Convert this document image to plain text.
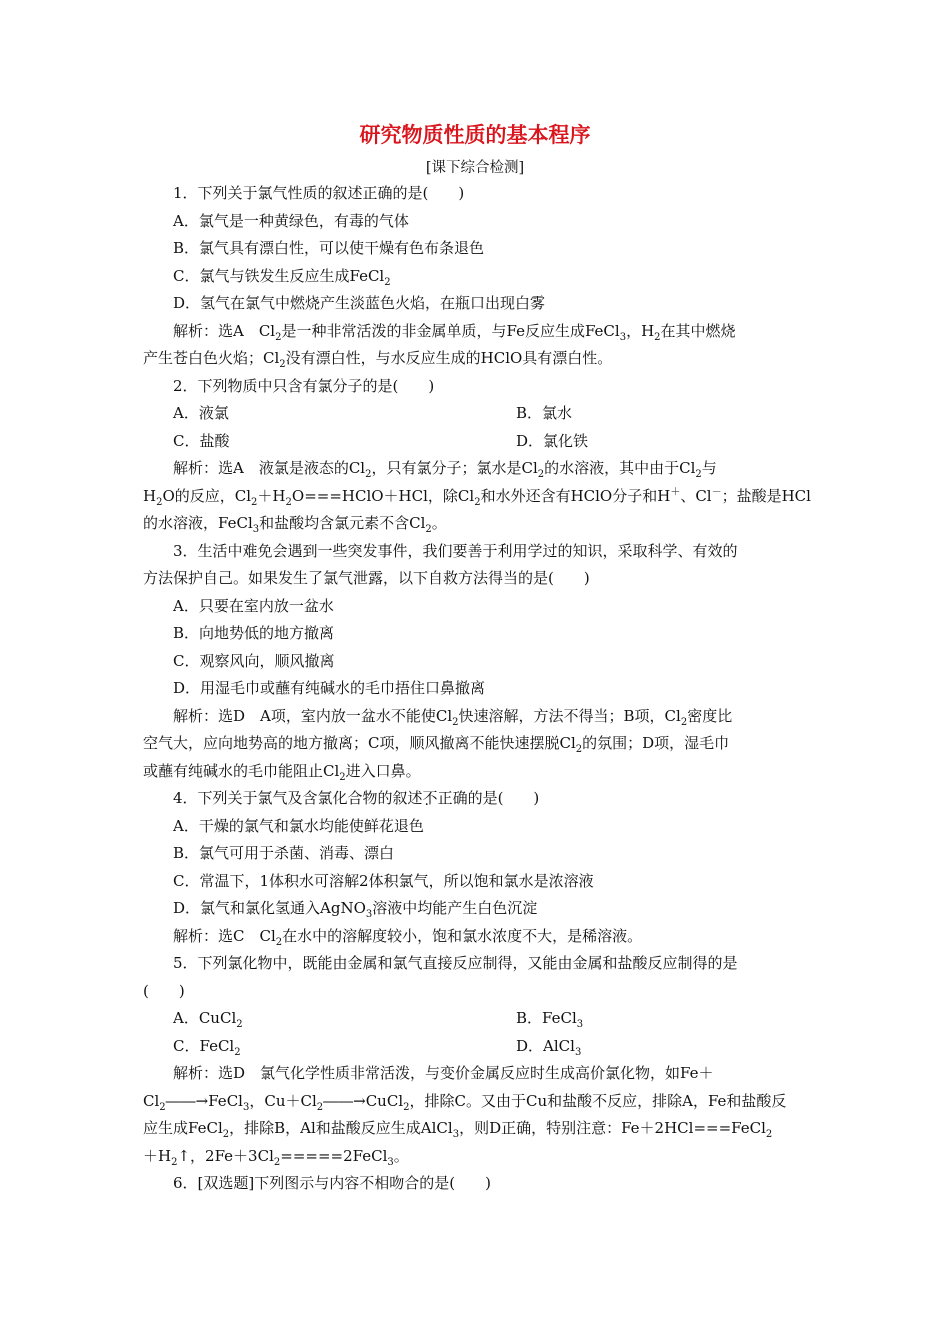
研究物质性质的基本程序
[课下综合检测]
1．下列关于氯气性质的叙述正确的是(　　)
A．氯气是一种黄绿色，有毒的气体
B．氯气具有漂白性，可以使干燥有色布条退色
C．氯气与铁发生反应生成FeCl$_2$
D．氢气在氯气中燃烧产生淡蓝色火焰，在瓶口出现白雾
解析：选A　$Cl_2$是一种非常活泼的非金属单质，与Fe反应生成FeCl$_3$，$H_2$在其中燃烧
产生苍白色火焰；$Cl_2$没有漂白性，与水反应生成的HClO具有漂白性。
2．下列物质中只含有氯分子的是(　　)
A．液氯	B．氯水
C．盐酸	D．氯化铁
解析：选A　液氯是液态的$Cl_2$，只有氯分子；氯水是$Cl_2$的水溶液，其中由于$Cl_2$与
$H_2O$的反应，$Cl_2+H_2O===HClO+HCl$，除$Cl_2$和水外还含有HClO分子和H＋、Cl－；盐酸是HCl
的水溶液，FeCl$_3$和盐酸均含氯元素不含$Cl_2$。
3．生活中难免会遇到一些突发事件，我们要善于利用学过的知识，采取科学、有效的
方法保护自己。如果发生了氯气泄露，以下自救方法得当的是(　　)
A．只要在室内放一盆水
B．向地势低的地方撤离
C．观察风向，顺风撤离
D．用湿毛巾或蘸有纯碱水的毛巾捂住口鼻撤离
解析：选D　A项，室内放一盆水不能使$Cl_2$快速溶解，方法不得当；B项，$Cl_2$密度比
空气大，应向地势高的地方撤离；C项，顺风撤离不能快速摆脱$Cl_2$的氛围；D项，湿毛巾
或蘸有纯碱水的毛巾能阻止$Cl_2$进入口鼻。
4．下列关于氯气及含氯化合物的叙述不正确的是(　　)
A．干燥的氯气和氯水均能使鲜花退色
B．氯气可用于杀菌、消毒、漂白
C．常温下，1体积水可溶解2体积氯气，所以饱和氯水是浓溶液
D．氯气和氯化氢通入AgNO$_3$溶液中均能产生白色沉淀
解析：选C　$Cl_2$在水中的溶解度较小，饱和氯水浓度不大，是稀溶液。
5．下列氯化物中，既能由金属和氯气直接反应制得，又能由金属和盐酸反应制得的是
(　　)
A．CuCl$_2$	B．FeCl$_3$
C．FeCl$_2$	D．AlCl$_3$
解析：选D　氯气化学性质非常活泼，与变价金属反应时生成高价氯化物，如Fe＋
$Cl_2――\to FeCl_3$，$Cu+Cl_2――\to CuCl_2$，排除C。又由于Cu和盐酸不反应，排除A，Fe和盐酸反
应生成FeCl$_2$，排除B，Al和盐酸反应生成AlCl$_3$，则D正确，特别注意：Fe＋2HCl===FeCl$_2$
$+H_2↑$，$2Fe+3Cl_2=====2FeCl_3$。
6．[双选题]下列图示与内容不相吻合的是(　　)
